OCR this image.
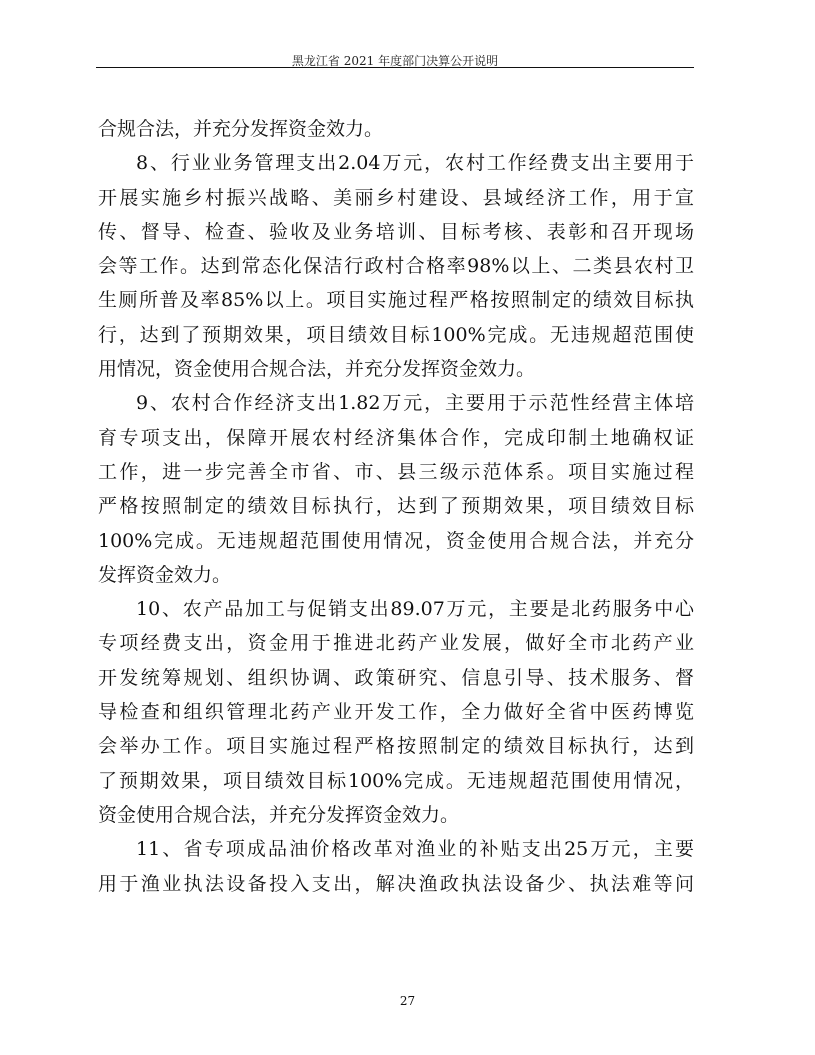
黑龙江省 2021 年度部门决算公开说明
合规合法，并充分发挥资金效力。
8、行业业务管理支出2.04万元，农村工作经费支出主要用于
开展实施乡村振兴战略、美丽乡村建设、县域经济工作，用于宣
传、督导、检查、验收及业务培训、目标考核、表彰和召开现场
会等工作。达到常态化保洁行政村合格率98%以上、二类县农村卫
生厕所普及率85%以上。项目实施过程严格按照制定的绩效目标执
行，达到了预期效果，项目绩效目标100%完成。无违规超范围使
用情况，资金使用合规合法，并充分发挥资金效力。
9、农村合作经济支出1.82万元，主要用于示范性经营主体培
育专项支出，保障开展农村经济集体合作，完成印制土地确权证
工作，进一步完善全市省、市、县三级示范体系。项目实施过程
严格按照制定的绩效目标执行，达到了预期效果，项目绩效目标
100%完成。无违规超范围使用情况，资金使用合规合法，并充分
发挥资金效力。
10、农产品加工与促销支出89.07万元，主要是北药服务中心
专项经费支出，资金用于推进北药产业发展，做好全市北药产业
开发统筹规划、组织协调、政策研究、信息引导、技术服务、督
导检查和组织管理北药产业开发工作，全力做好全省中医药博览
会举办工作。项目实施过程严格按照制定的绩效目标执行，达到
了预期效果，项目绩效目标100%完成。无违规超范围使用情况，
资金使用合规合法，并充分发挥资金效力。
11、省专项成品油价格改革对渔业的补贴支出25万元，主要
用于渔业执法设备投入支出，解决渔政执法设备少、执法难等问
27
